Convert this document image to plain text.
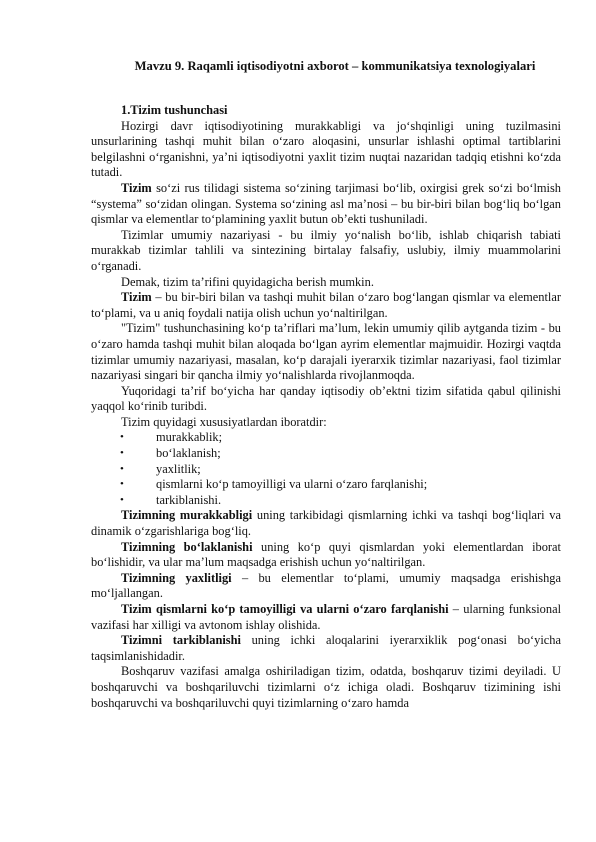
Mavzu 9. Raqamli iqtisodiyotni axborot – kommunikatsiya texnologiyalari

1.Tizim tushunchasi

Hozirgi davr iqtisodiyotining murakkabligi va jo‘shqinligi uning tuzilmasini unsurlarining tashqi muhit bilan o‘zaro aloqasini, unsurlar ishlashi optimal tartiblarini belgilashni o‘rganishni, ya’ni iqtisodiyotni yaxlit tizim nuqtai nazaridan tadqiq etishni ko‘zda tutadi.

Tizim so‘zi rus tilidagi sistema so‘zining tarjimasi bo‘lib, oxirgisi grek so‘zi bo‘lmish “systema” so‘zidan olingan. Systema so‘zining asl ma’nosi – bu bir-biri bilan bog‘liq bo‘lgan qismlar va elementlar to‘plamining yaxlit butun ob’ekti tushuniladi.

Tizimlar umumiy nazariyasi - bu ilmiy yo‘nalish bo‘lib, ishlab chiqarish tabiati murakkab tizimlar tahlili va sintezining birtalay falsafiy, uslubiy, ilmiy muammolarini o‘rganadi.

Demak, tizim ta’rifini quyidagicha berish mumkin.

Tizim – bu bir-biri bilan va tashqi muhit bilan o‘zaro bog‘langan qismlar va elementlar to‘plami, va u aniq foydali natija olish uchun yo‘naltirilgan.

"Tizim" tushunchasining ko‘p ta’riflari ma’lum, lekin umumiy qilib aytganda tizim - bu o‘zaro hamda tashqi muhit bilan aloqada bo‘lgan ayrim elementlar majmuidir. Hozirgi vaqtda tizimlar umumiy nazariyasi, masalan, ko‘p darajali iyerarxik tizimlar nazariyasi, faol tizimlar nazariyasi singari bir qancha ilmiy yo‘nalishlarda rivojlanmoqda.

Yuqoridagi ta’rif bo‘yicha har qanday iqtisodiy ob’ektni tizim sifatida qabul qilinishi yaqqol ko‘rinib turibdi.

Tizim quyidagi xususiyatlardan iboratdir:

• murakkablik;
• bo‘laklanish;
• yaxlitlik;
• qismlarni ko‘p tamoyilligi va ularni o‘zaro farqlanishi;
• tarkiblanishi.

Tizimning murakkabligi uning tarkibidagi qismlarning ichki va tashqi bog‘liqlari va dinamik o‘zgarishlariga bog‘liq.

Tizimning bo‘laklanishi uning ko‘p quyi qismlardan yoki elementlardan iborat bo‘lishidir, va ular ma’lum maqsadga erishish uchun yo‘naltirilgan.

Tizimning yaxlitligi – bu elementlar to‘plami, umumiy maqsadga erishishga mo‘ljallangan.

Tizim qismlarni ko‘p tamoyilligi va ularni o‘zaro farqlanishi – ularning funksional vazifasi har xilligi va avtonom ishlay olishida.

Tizimni tarkiblanishi uning ichki aloqalarini iyerarxiklik pog‘onasi bo‘yicha taqsimlanishidadir.

Boshqaruv vazifasi amalga oshiriladigan tizim, odatda, boshqaruv tizimi deyiladi. U boshqaruvchi va boshqariluvchi tizimlarni o‘z ichiga oladi. Boshqaruv tizimining ishi boshqaruvchi va boshqariluvchi quyi tizimlarning o‘zaro hamda
